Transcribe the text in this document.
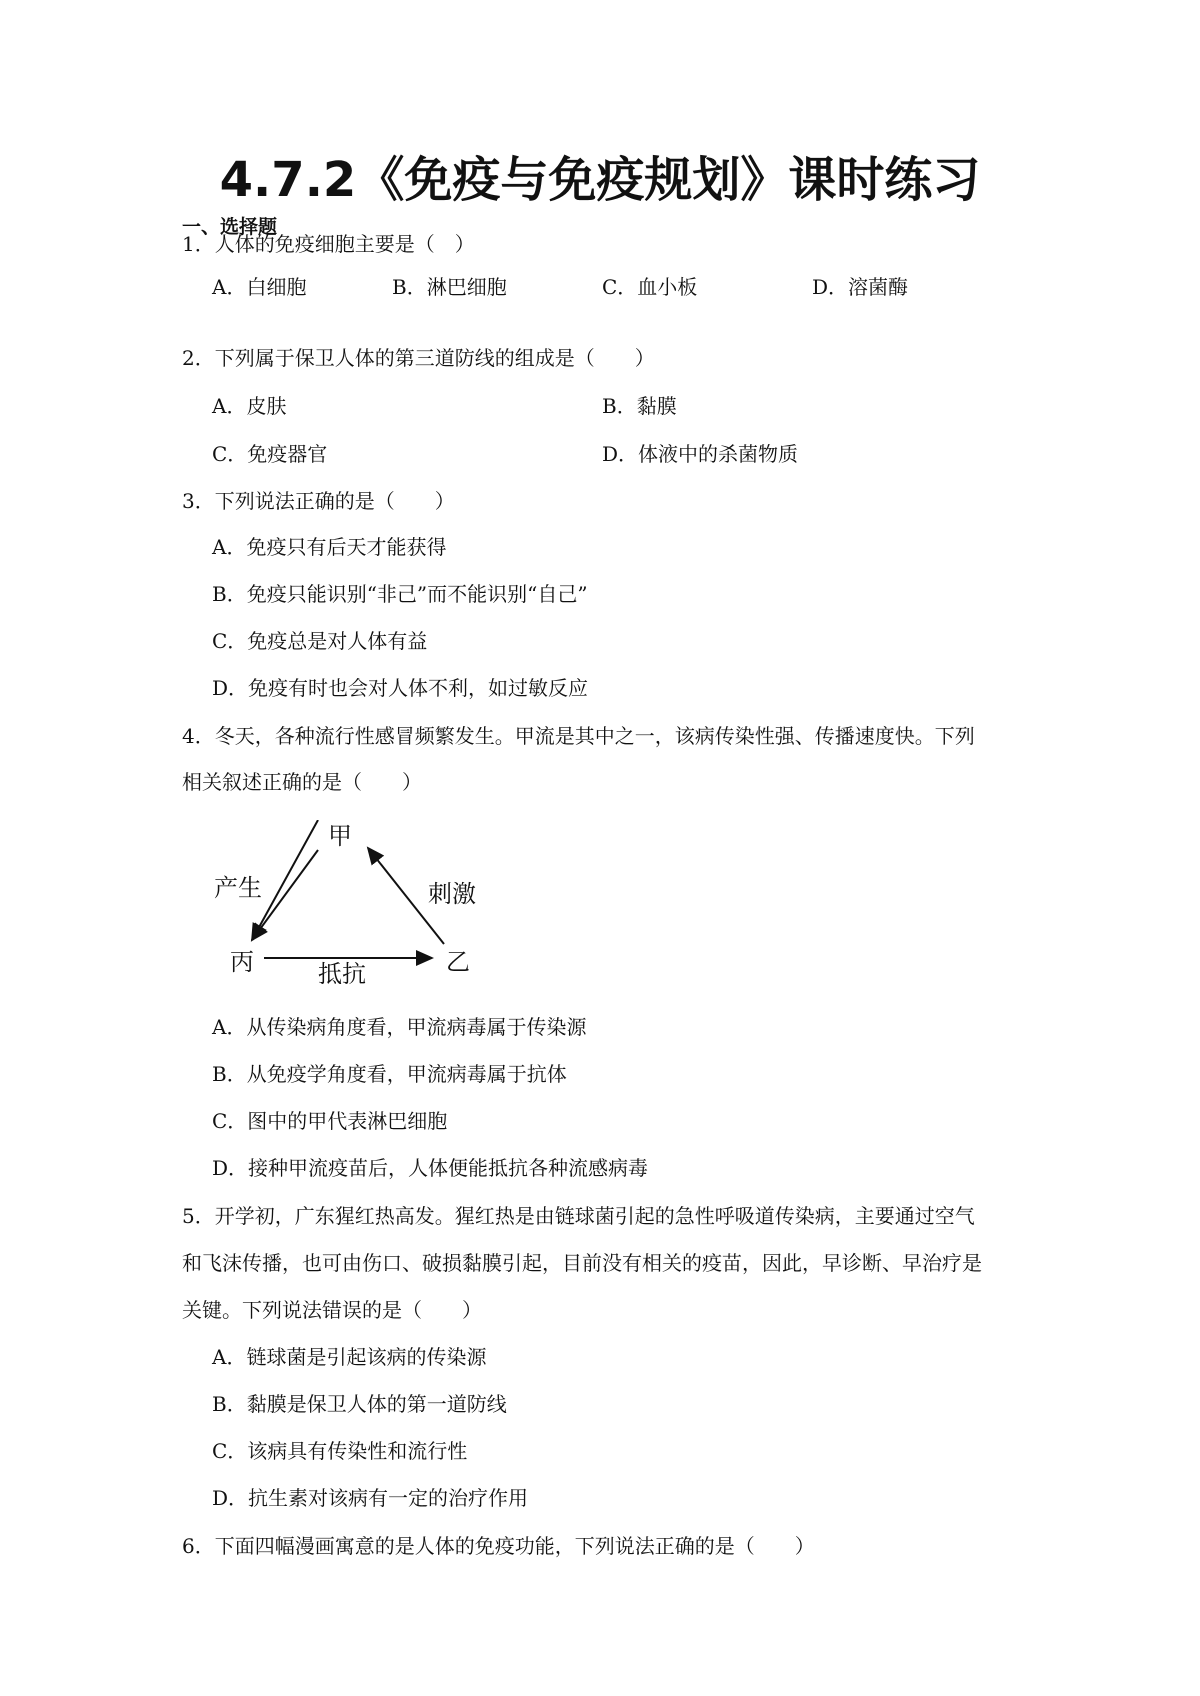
4.7.2《免疫与免疫规划》课时练习
一、选择题
1．人体的免疫细胞主要是（　）
A．白细胞	B．淋巴细胞	C．血小板	D．溶菌酶
2．下列属于保卫人体的第三道防线的组成是（　　）
A．皮肤	B．黏膜
C．免疫器官	D．体液中的杀菌物质
3．下列说法正确的是（　　）
A．免疫只有后天才能获得
B．免疫只能识别“非己”而不能识别“自己”
C．免疫总是对人体有益
D．免疫有时也会对人体不利，如过敏反应
4．冬天，各种流行性感冒频繁发生。甲流是其中之一，该病传染性强、传播速度快。下列
相关叙述正确的是（　　）
甲
乙
丙
产生	刺激
抵抗
A．从传染病角度看，甲流病毒属于传染源
B．从免疫学角度看，甲流病毒属于抗体
C．图中的甲代表淋巴细胞
D．接种甲流疫苗后，人体便能抵抗各种流感病毒
5．开学初，广东猩红热高发。猩红热是由链球菌引起的急性呼吸道传染病，主要通过空气
和飞沫传播，也可由伤口、破损黏膜引起，目前没有相关的疫苗，因此，早诊断、早治疗是
关键。下列说法错误的是（　　）
A．链球菌是引起该病的传染源
B．黏膜是保卫人体的第一道防线
C．该病具有传染性和流行性
D．抗生素对该病有一定的治疗作用
6．下面四幅漫画寓意的是人体的免疫功能，下列说法正确的是（　　）
